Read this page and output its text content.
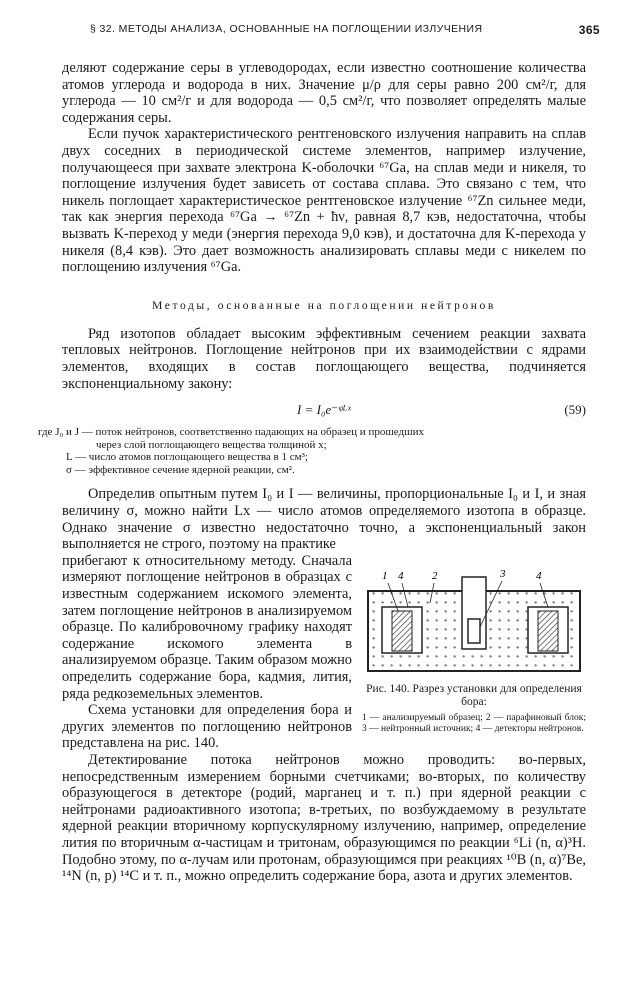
§ 32. МЕТОДЫ АНАЛИЗА, ОСНОВАННЫЕ НА ПОГЛОЩЕНИИ ИЗЛУЧЕНИЯ	365

деляют содержание серы в углеводородах, если известно соотношение количества атомов углерода и водорода в них. Значение μ/ρ для серы равно 200 см²/г, для углерода — 10 см²/г и для водорода — 0,5 см²/г, что позволяет определять малые содержания серы.

Если пучок характеристического рентгеновского излучения направить на сплав двух соседних в периодической системе элементов, например излучение, получающееся при захвате электрона K-оболочки ⁶⁷Ga, на сплав меди и никеля, то поглощение излучения будет зависеть от состава сплава. Это связано с тем, что никель поглощает характеристическое рентгеновское излучение ⁶⁷Zn сильнее меди, так как энергия перехода ⁶⁷Ga → ⁶⁷Zn + ħν, равная 8,7 кэв, недостаточна, чтобы вызвать K-переход у меди (энергия перехода 9,0 кэв), и достаточна для K-перехода у никеля (8,4 кэв). Это дает возможность анализировать сплавы меди с никелем по поглощению излучения ⁶⁷Ga.

Методы, основанные на поглощении нейтронов

Ряд изотопов обладает высоким эффективным сечением реакции захвата тепловых нейтронов. Поглощение нейтронов при их взаимодействии с ядрами элементов, входящих в состав поглощающего вещества, подчиняется экспоненциальному закону:

I = I₀e⁻ᵠᴸˣ	(59)
где J₀ и J — поток нейтронов, соответственно падающих на образец и прошедших
через слой поглощающего вещества толщиной x;
L — число атомов поглощающего вещества в 1 см³;
σ — эффективное сечение ядерной реакции, см².

Определив опытным путем I₀ и I — величины, пропорциональные I₀ и I, и зная величину σ, можно найти Lx — число атомов определяемого изотопа в образце. Однако значение σ известно недостаточно точно, а экспоненциальный закон выполняется не строго, поэтому на практике

прибегают к относительному методу. Сначала измеряют поглощение нейтронов в образцах с известным содержанием искомого элемента, затем поглощение нейтронов в анализируемом образце. По калибровочному графику находят содержание искомого элемента в анализируемом образце. Таким образом можно определить содержание бора, кадмия, лития, ряда редкоземельных элементов.

Схема установки для определения бора и других элементов по поглощению нейтронов представлена на рис. 140.

1 4	2	3	4
Рис. 140. Разрез установки для определения бора:
1 — анализируемый образец; 2 — парафиновый блок; 3 — нейтронный источник; 4 — детекторы нейтронов.

Детектирование потока нейтронов можно проводить: во-первых, непосредственным измерением борными счетчиками; во-вторых, по количеству образующегося в детекторе (родий, марганец и т. п.) при ядерной реакции с нейтронами радиоактивного изотопа; в-третьих, по возбуждаемому в результате ядерной реакции вторичному корпускулярному излучению, например, определение лития по вторичным α-частицам и тритонам, образующимся по реакции ⁶Li (n, α)³H. Подобно этому, по α-лучам или протонам, образующимся при реакциях ¹⁰B (n, α)⁷Be, ¹⁴N (n, p) ¹⁴C и т. п., можно определить содержание бора, азота и других элементов.
